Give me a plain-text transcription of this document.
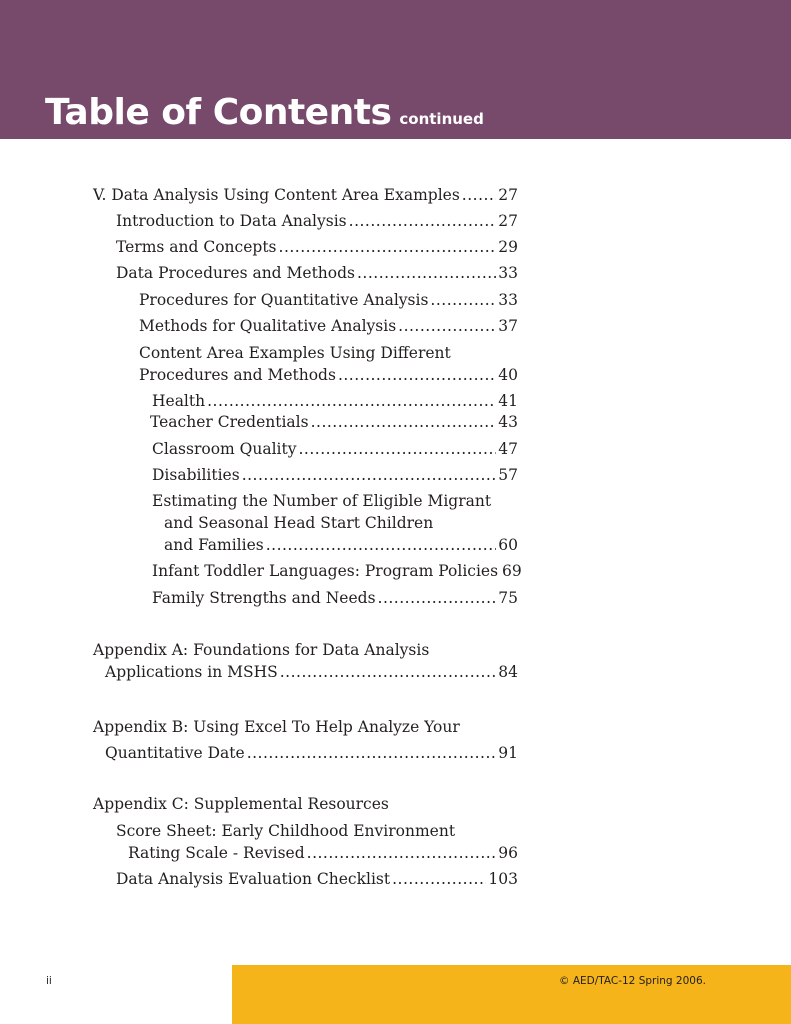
Table of Contents continued
V. Data Analysis Using Content Area Examples ..... 27
Introduction to Data Analysis .....	27
Terms and Concepts .....	29
Data Procedures and Methods .....	33
Procedures for Quantitative Analysis .....	33
Methods for Qualitative Analysis .....	37
Content Area Examples Using Different
Procedures and Methods .....	40
Health .....	41
Teacher Credentials .....	43
Classroom Quality .....	47
Disabilities .....	57
Estimating the Number of Eligible Migrant
and Seasonal Head Start Children
and Families .....	60
Infant Toddler Languages: Program Policies 69
Family Strengths and Needs .....	75
Appendix A: Foundations for Data Analysis
Applications in MSHS .....	84
Appendix B: Using Excel To Help Analyze Your
Quantitative Date .....	91
Appendix C: Supplemental Resources
Score Sheet: Early Childhood Environment
Rating Scale - Revised .....	96
Data Analysis Evaluation Checklist .....	103
ii	© AED/TAC-12 Spring 2006.
